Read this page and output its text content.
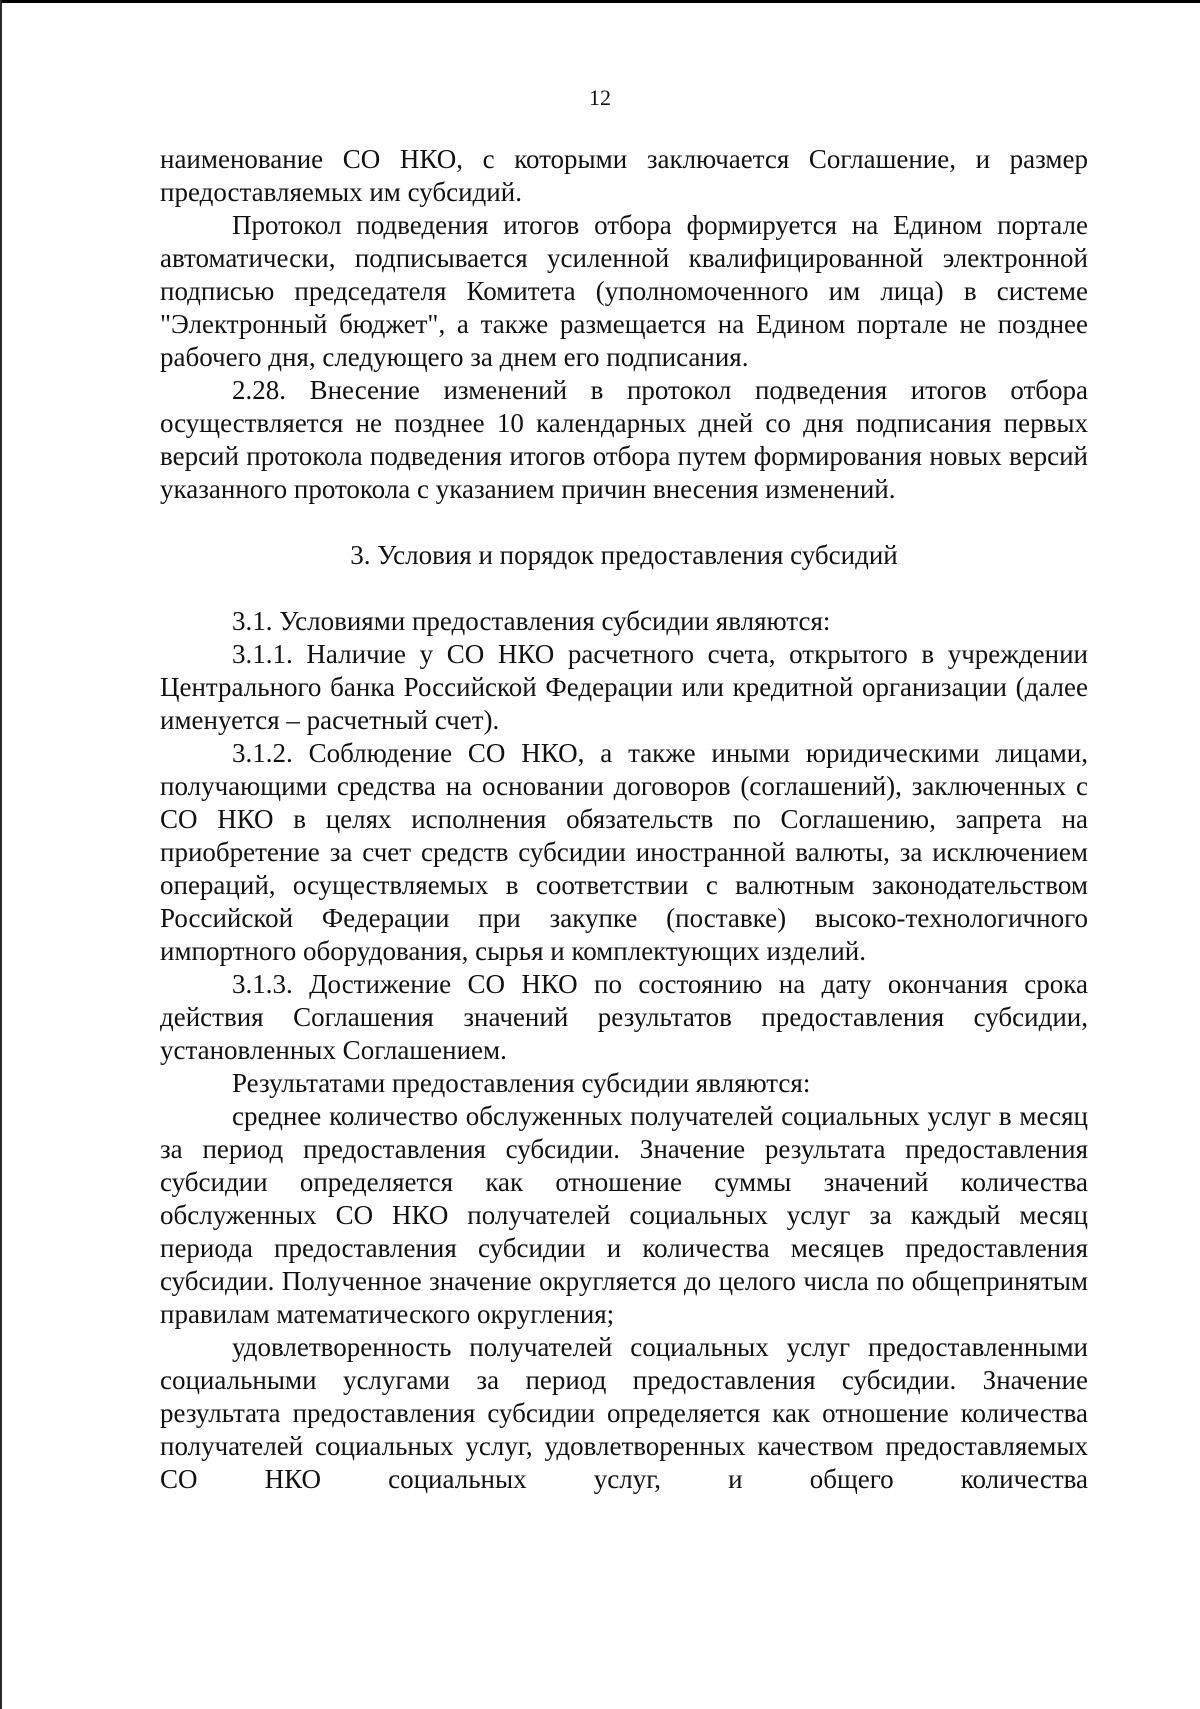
12

наименование СО НКО, с которыми заключается Соглашение, и размер предоставляемых им субсидий.

Протокол подведения итогов отбора формируется на Едином портале автоматически, подписывается усиленной квалифицированной электронной подписью председателя Комитета (уполномоченного им лица) в системе "Электронный бюджет", а также размещается на Едином портале не позднее рабочего дня, следующего за днем его подписания.

2.28. Внесение изменений в протокол подведения итогов отбора осуществляется не позднее 10 календарных дней со дня подписания первых версий протокола подведения итогов отбора путем формирования новых версий указанного протокола с указанием причин внесения изменений.

3. Условия и порядок предоставления субсидий

3.1. Условиями предоставления субсидии являются:

3.1.1. Наличие у СО НКО расчетного счета, открытого в учреждении Центрального банка Российской Федерации или кредитной организации (далее именуется – расчетный счет).

3.1.2. Соблюдение СО НКО, а также иными юридическими лицами, получающими средства на основании договоров (соглашений), заключенных с СО НКО в целях исполнения обязательств по Соглашению, запрета на приобретение за счет средств субсидии иностранной валюты, за исключением операций, осуществляемых в соответствии с валютным законодательством Российской Федерации при закупке (поставке) высоко-технологичного импортного оборудования, сырья и комплектующих изделий.

3.1.3. Достижение СО НКО по состоянию на дату окончания срока действия Соглашения значений результатов предоставления субсидии, установленных Соглашением.

Результатами предоставления субсидии являются:

среднее количество обслуженных получателей социальных услуг в месяц за период предоставления субсидии. Значение результата предоставления субсидии определяется как отношение суммы значений количества обслуженных СО НКО получателей социальных услуг за каждый месяц периода предоставления субсидии и количества месяцев предоставления субсидии. Полученное значение округляется до целого числа по общепринятым правилам математического округления;

удовлетворенность получателей социальных услуг предоставленными социальными услугами за период предоставления субсидии. Значение результата предоставления субсидии определяется как отношение количества получателей социальных услуг, удовлетворенных качеством предоставляемых СО НКО социальных услуг, и общего количества
